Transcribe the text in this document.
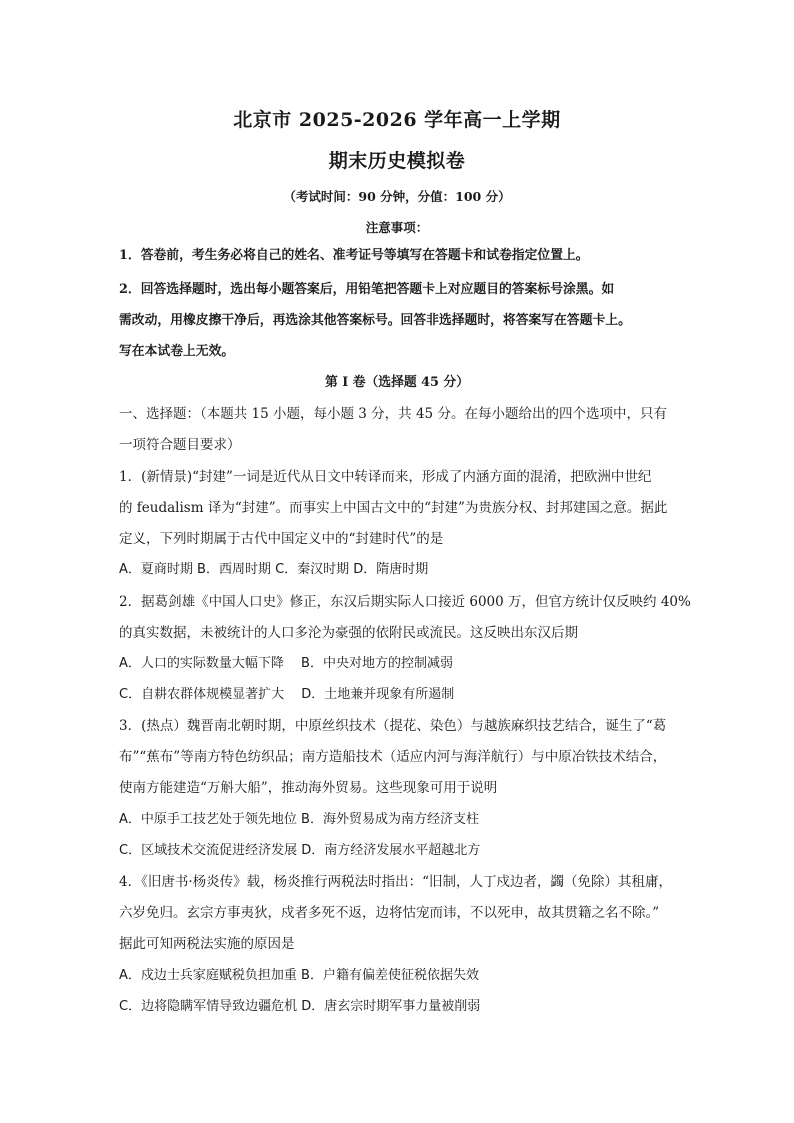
北京市 2025-2026 学年高一上学期
期末历史模拟卷
（考试时间：90 分钟，分值：100 分）
注意事项：
1．答卷前，考生务必将自己的姓名、准考证号等填写在答题卡和试卷指定位置上。
2．回答选择题时，选出每小题答案后，用铅笔把答题卡上对应题目的答案标号涂黑。如
需改动，用橡皮擦干净后，再选涂其他答案标号。回答非选择题时，将答案写在答题卡上。
写在本试卷上无效。
第 I 卷（选择题 45 分）
一、选择题：（本题共 15 小题，每小题 3 分，共 45 分。在每小题给出的四个选项中，只有
一项符合题目要求）
1．(新情景)“封建”一词是近代从日文中转译而来，形成了内涵方面的混淆，把欧洲中世纪
的 feudalism 译为“封建”。而事实上中国古文中的“封建”为贵族分权、封邦建国之意。据此
定义，下列时期属于古代中国定义中的“封建时代”的是
A．夏商时期 B．西周时期 C．秦汉时期 D．隋唐时期
2．据葛剑雄《中国人口史》修正，东汉后期实际人口接近 6000 万，但官方统计仅反映约 40%
的真实数据，未被统计的人口多沦为豪强的依附民或流民。这反映出东汉后期
A．人口的实际数量大幅下降　 B．中央对地方的控制减弱
C．自耕农群体规模显著扩大　 D．土地兼并现象有所遏制
3．(热点）魏晋南北朝时期，中原丝织技术（提花、染色）与越族麻织技艺结合，诞生了“葛
布”“蕉布”等南方特色纺织品；南方造船技术（适应内河与海洋航行）与中原冶铁技术结合，
使南方能建造“万斛大船”，推动海外贸易。这些现象可用于说明
A．中原手工技艺处于领先地位 B．海外贸易成为南方经济支柱
C．区域技术交流促进经济发展 D．南方经济发展水平超越北方
4．《旧唐书·杨炎传》载，杨炎推行两税法时指出：“旧制，人丁戍边者，蠲（免除）其租庸，
六岁免归。玄宗方事夷狄，戍者多死不返，边将怙宠而讳，不以死申，故其贯籍之名不除。”
据此可知两税法实施的原因是
A．戍边士兵家庭赋税负担加重 B．户籍有偏差使征税依据失效
C．边将隐瞒军情导致边疆危机 D．唐玄宗时期军事力量被削弱
